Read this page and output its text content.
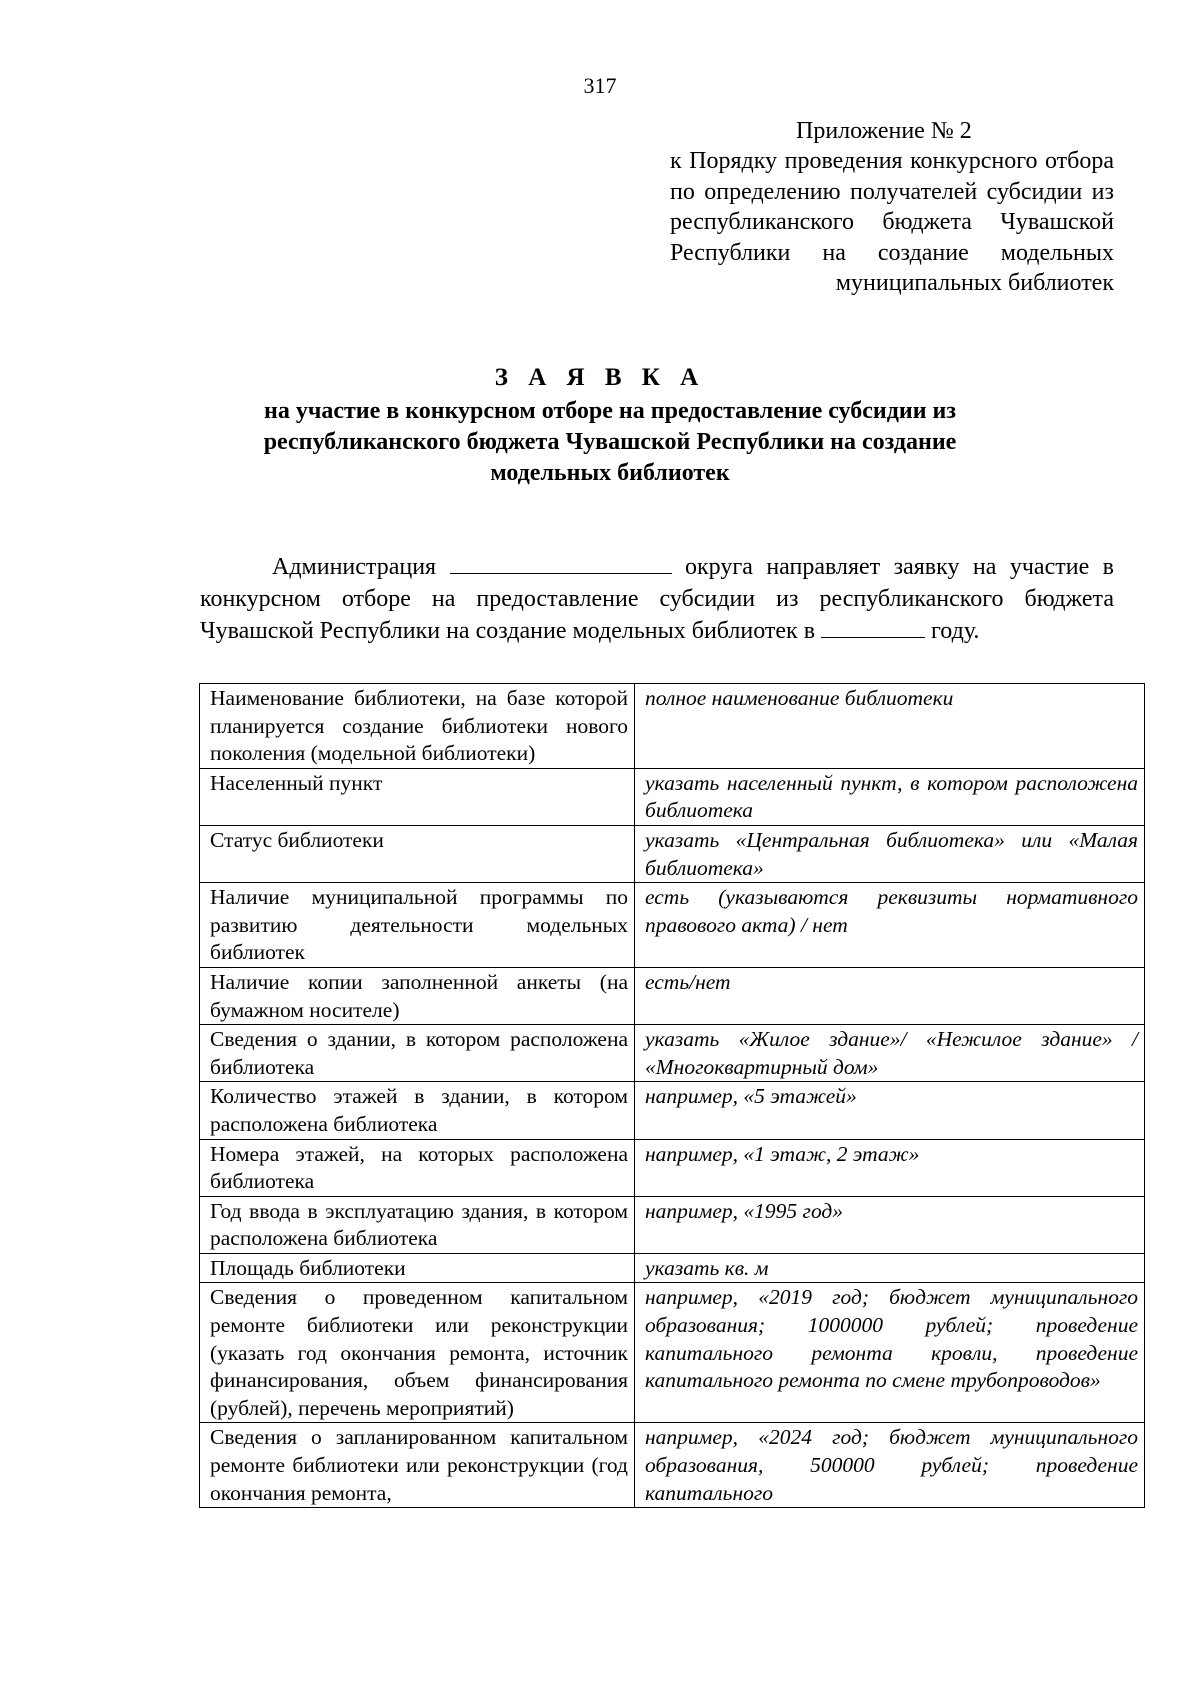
317
Приложение № 2
к Порядку проведения конкурсного отбора по определению получателей субсидии из республиканского бюджета Чувашской Республики на создание модельных муниципальных библиотек
З А Я В К А
на участие в конкурсном отборе на предоставление субсидии из республиканского бюджета Чувашской Республики на создание модельных библиотек
Администрация	округа направляет заявку на участие в конкурсном отборе на предоставление субсидии из республиканского бюджета Чувашской Республики на создание модельных библиотек в	году.
Наименование библиотеки, на базе которой планируется создание библиотеки нового поколения (модельной библиотеки)	полное наименование библиотеки
Населенный пункт	указать населенный пункт, в котором расположена библиотека
Статус библиотеки	указать «Центральная библиотека» или «Малая библиотека»
Наличие муниципальной программы по развитию деятельности модельных библиотек	есть (указываются реквизиты нормативного правового акта) / нет
Наличие копии заполненной анкеты (на бумажном носителе)	есть/нет
Сведения о здании, в котором расположена библиотека	указать «Жилое здание»/ «Нежилое здание» / «Многоквартирный дом»
Количество этажей в здании, в котором расположена библиотека	например, «5 этажей»
Номера этажей, на которых расположена библиотека	например, «1 этаж, 2 этаж»
Год ввода в эксплуатацию здания, в котором расположена библиотека	например, «1995 год»
Площадь библиотеки	указать кв. м
Сведения о проведенном капитальном ремонте библиотеки или реконструкции (указать год окончания ремонта, источник финансирования, объем финансирования (рублей), перечень мероприятий)	например, «2019 год; бюджет муниципального образования; 1000000 рублей; проведение капитального ремонта кровли, проведение капитального ремонта по смене трубопроводов»
Сведения о запланированном капитальном ремонте библиотеки или реконструкции (год окончания ремонта,	например, «2024 год; бюджет муниципального образования, 500000 рублей; проведение капитального
